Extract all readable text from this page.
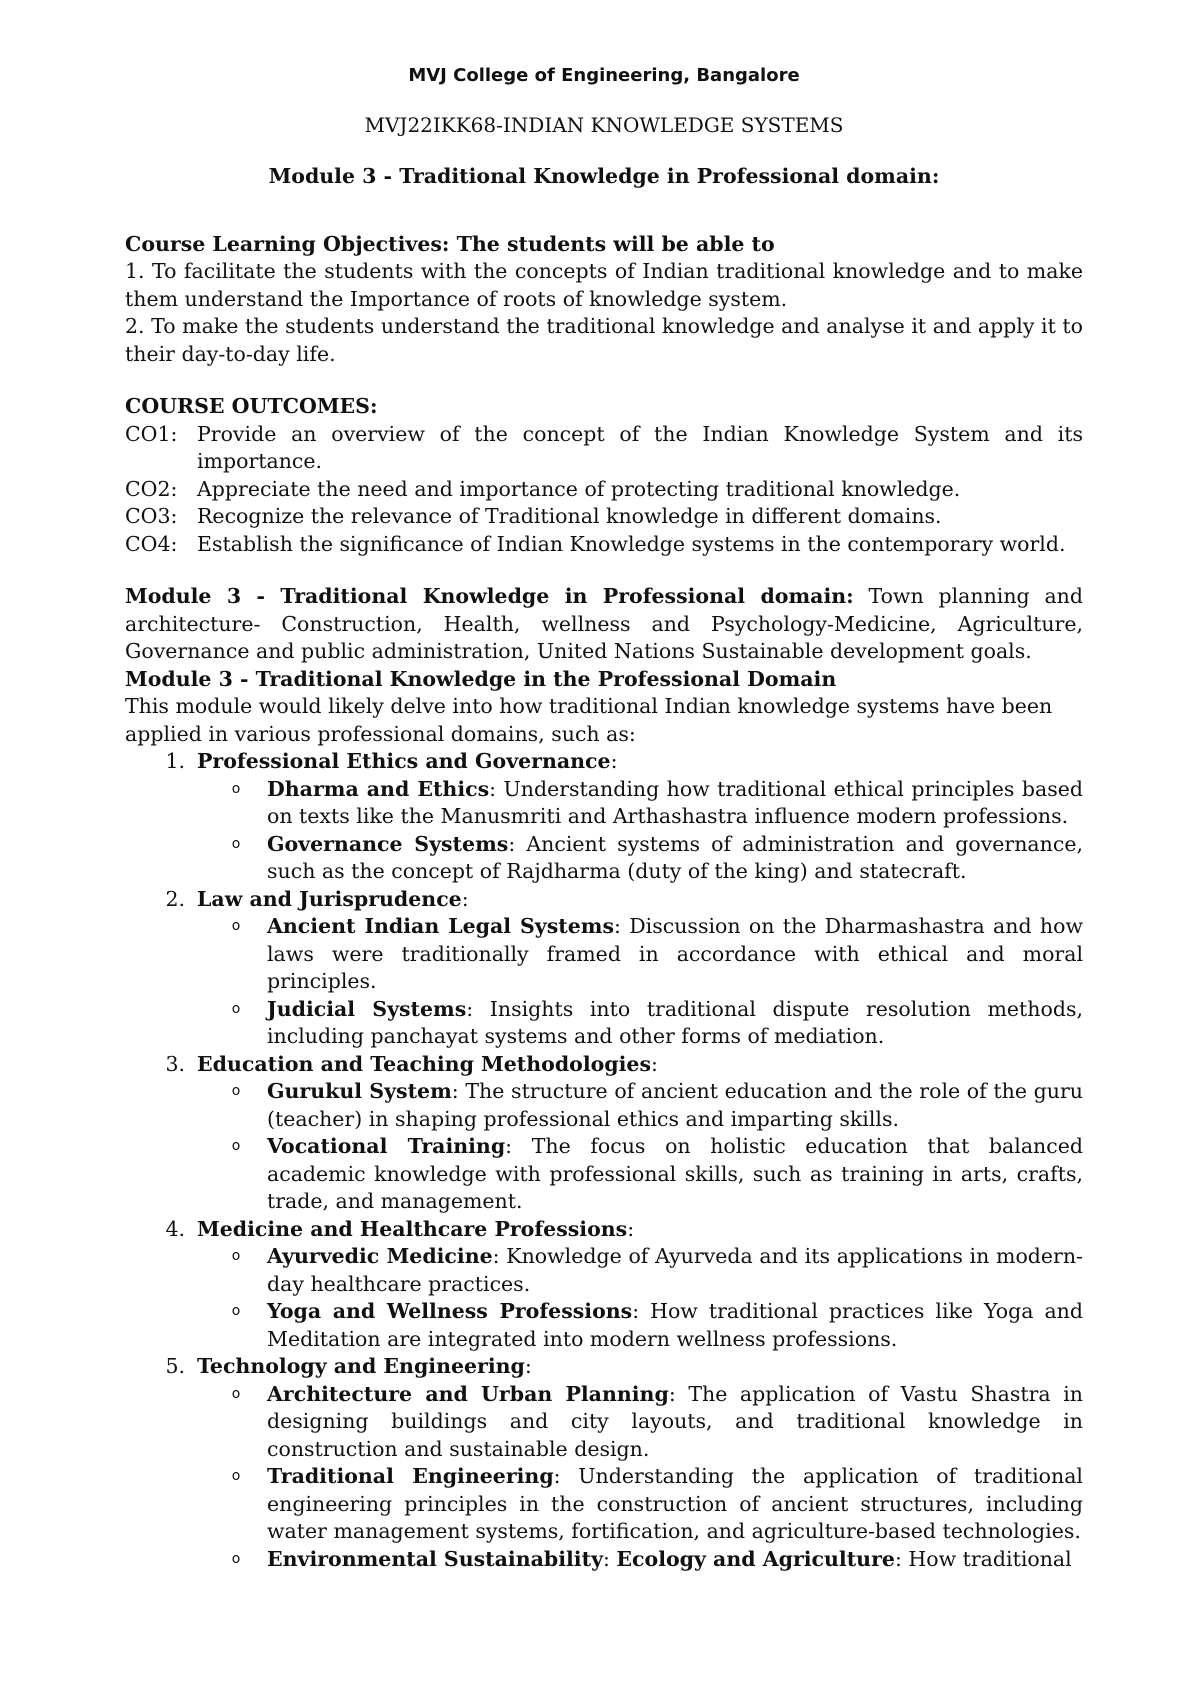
MVJ College of Engineering, Bangalore
MVJ22IKK68-INDIAN KNOWLEDGE SYSTEMS
Module 3 - Traditional Knowledge in Professional domain:

Course Learning Objectives: The students will be able to

1. To facilitate the students with the concepts of Indian traditional knowledge and to make them understand the Importance of roots of knowledge system.

2. To make the students understand the traditional knowledge and analyse it and apply it to their day-to-day life.

COURSE OUTCOMES:

CO1: Provide an overview of the concept of the Indian Knowledge System and its importance.
CO2: Appreciate the need and importance of protecting traditional knowledge.
CO3: Recognize the relevance of Traditional knowledge in different domains.
CO4: Establish the significance of Indian Knowledge systems in the contemporary world.

Module 3 - Traditional Knowledge in Professional domain: Town planning and architecture- Construction, Health, wellness and Psychology-Medicine, Agriculture, Governance and public administration, United Nations Sustainable development goals.

Module 3 - Traditional Knowledge in the Professional Domain

This module would likely delve into how traditional Indian knowledge systems have been applied in various professional domains, such as:

1. Professional Ethics and Governance:
o	Dharma and Ethics: Understanding how traditional ethical principles based on texts like the Manusmriti and Arthashastra influence modern professions.
o	Governance Systems: Ancient systems of administration and governance, such as the concept of Rajdharma (duty of the king) and statecraft.
2. Law and Jurisprudence:
o	Ancient Indian Legal Systems: Discussion on the Dharmashastra and how laws were traditionally framed in accordance with ethical and moral principles.
o	Judicial Systems: Insights into traditional dispute resolution methods, including panchayat systems and other forms of mediation.
3. Education and Teaching Methodologies:
o	Gurukul System: The structure of ancient education and the role of the guru (teacher) in shaping professional ethics and imparting skills.
o	Vocational Training: The focus on holistic education that balanced academic knowledge with professional skills, such as training in arts, crafts, trade, and management.
4. Medicine and Healthcare Professions:
o	Ayurvedic Medicine: Knowledge of Ayurveda and its applications in modern-day healthcare practices.
o	Yoga and Wellness Professions: How traditional practices like Yoga and Meditation are integrated into modern wellness professions.
5. Technology and Engineering:
o	Architecture and Urban Planning: The application of Vastu Shastra in designing buildings and city layouts, and traditional knowledge in construction and sustainable design.
o	Traditional Engineering: Understanding the application of traditional engineering principles in the construction of ancient structures, including water management systems, fortification, and agriculture-based technologies.
o	Environmental Sustainability: Ecology and Agriculture: How traditional
